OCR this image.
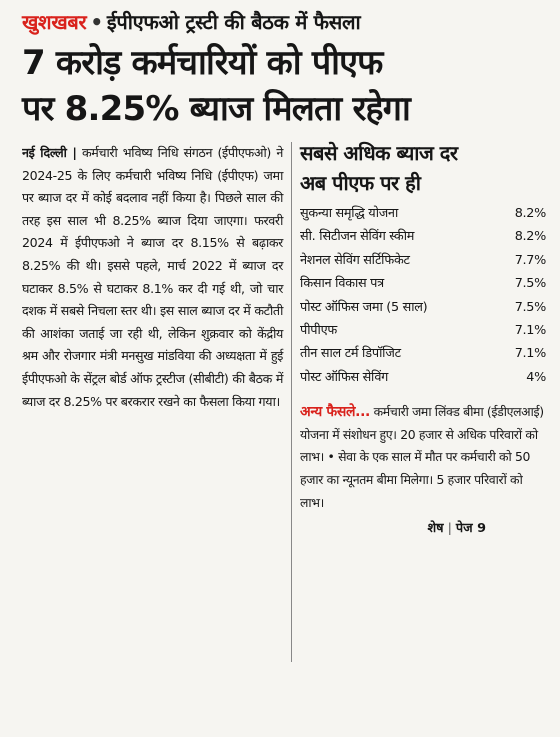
खुशखबर • ईपीएफओ ट्रस्टी की बैठक में फैसला
7 करोड़ कर्मचारियों को पीएफ
पर 8.25% ब्याज मिलता रहेगा
नई दिल्ली | कर्मचारी भविष्य निधि संगठन (ईपीएफओ) ने 2024-25 के लिए कर्मचारी भविष्य निधि (ईपीएफ) जमा पर ब्याज दर में कोई बदलाव नहीं किया है। पिछले साल की तरह इस साल भी 8.25% ब्याज दिया जाएगा। फरवरी 2024 में ईपीएफओ ने ब्याज दर 8.15% से बढ़ाकर 8.25% की थी। इससे पहले, मार्च 2022 में ब्याज दर घटाकर 8.5% से घटाकर 8.1% कर दी गई थी, जो चार दशक में सबसे निचला स्तर थी। इस साल ब्याज दर में कटौती की आशंका जताई जा रही थी, लेकिन शुक्रवार को केंद्रीय श्रम और रोजगार मंत्री मनसुख मांडविया की अध्यक्षता में हुई ईपीएफओ के सेंट्रल बोर्ड ऑफ ट्रस्टीज (सीबीटी) की बैठक में ब्याज दर 8.25% पर बरकरार रखने का फैसला किया गया।
सबसे अधिक ब्याज दर
अब पीएफ पर ही
सुकन्या समृद्धि योजना	8.2%
सी. सिटीजन सेविंग स्कीम	8.2%
नेशनल सेविंग सर्टिफिकेट	7.7%
किसान विकास पत्र	7.5%
पोस्ट ऑफिस जमा (5 साल)	7.5%
पीपीएफ	7.1%
तीन साल टर्म डिपॉजिट	7.1%
पोस्ट ऑफिस सेविंग	4%
अन्य फैसले... कर्मचारी जमा लिंक्ड बीमा (ईडीएलआई) योजना में संशोधन हुए। 20 हजार से अधिक परिवारों को लाभ। • सेवा के एक साल में मौत पर कर्मचारी को 50 हजार का न्यूनतम बीमा मिलेगा। 5 हजार परिवारों को लाभ।
शेष | पेज 9
